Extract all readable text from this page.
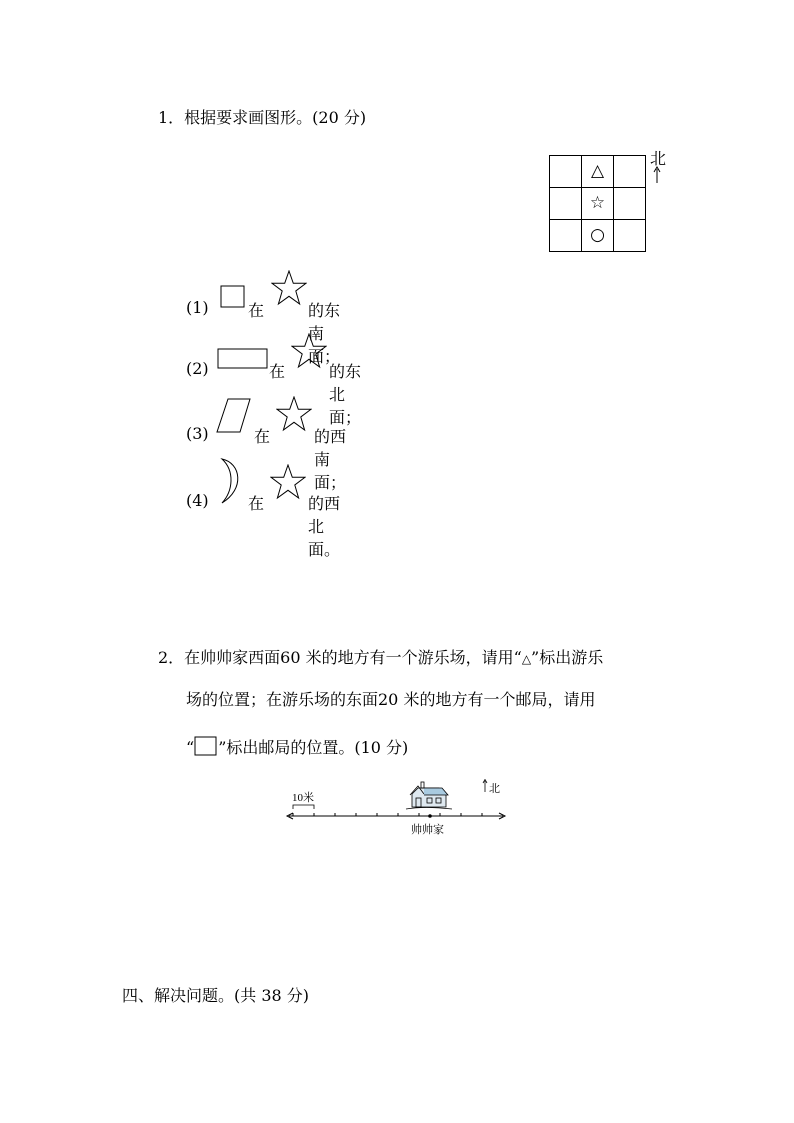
1．根据要求画图形。(20 分)
	△	
	☆	
	○	
北
(1)	在	的东南面；
(2)	在	的东北面；
(3)	在	的西南面；
(4)	在	的西北面。
2．在帅帅家西面60 米的地方有一个游乐场，请用“△”标出游乐
场的位置；在游乐场的东面20 米的地方有一个邮局，请用
“ ”标出邮局的位置。(10 分)
10米
帅帅家
北
四、解决问题。(共 38 分)
